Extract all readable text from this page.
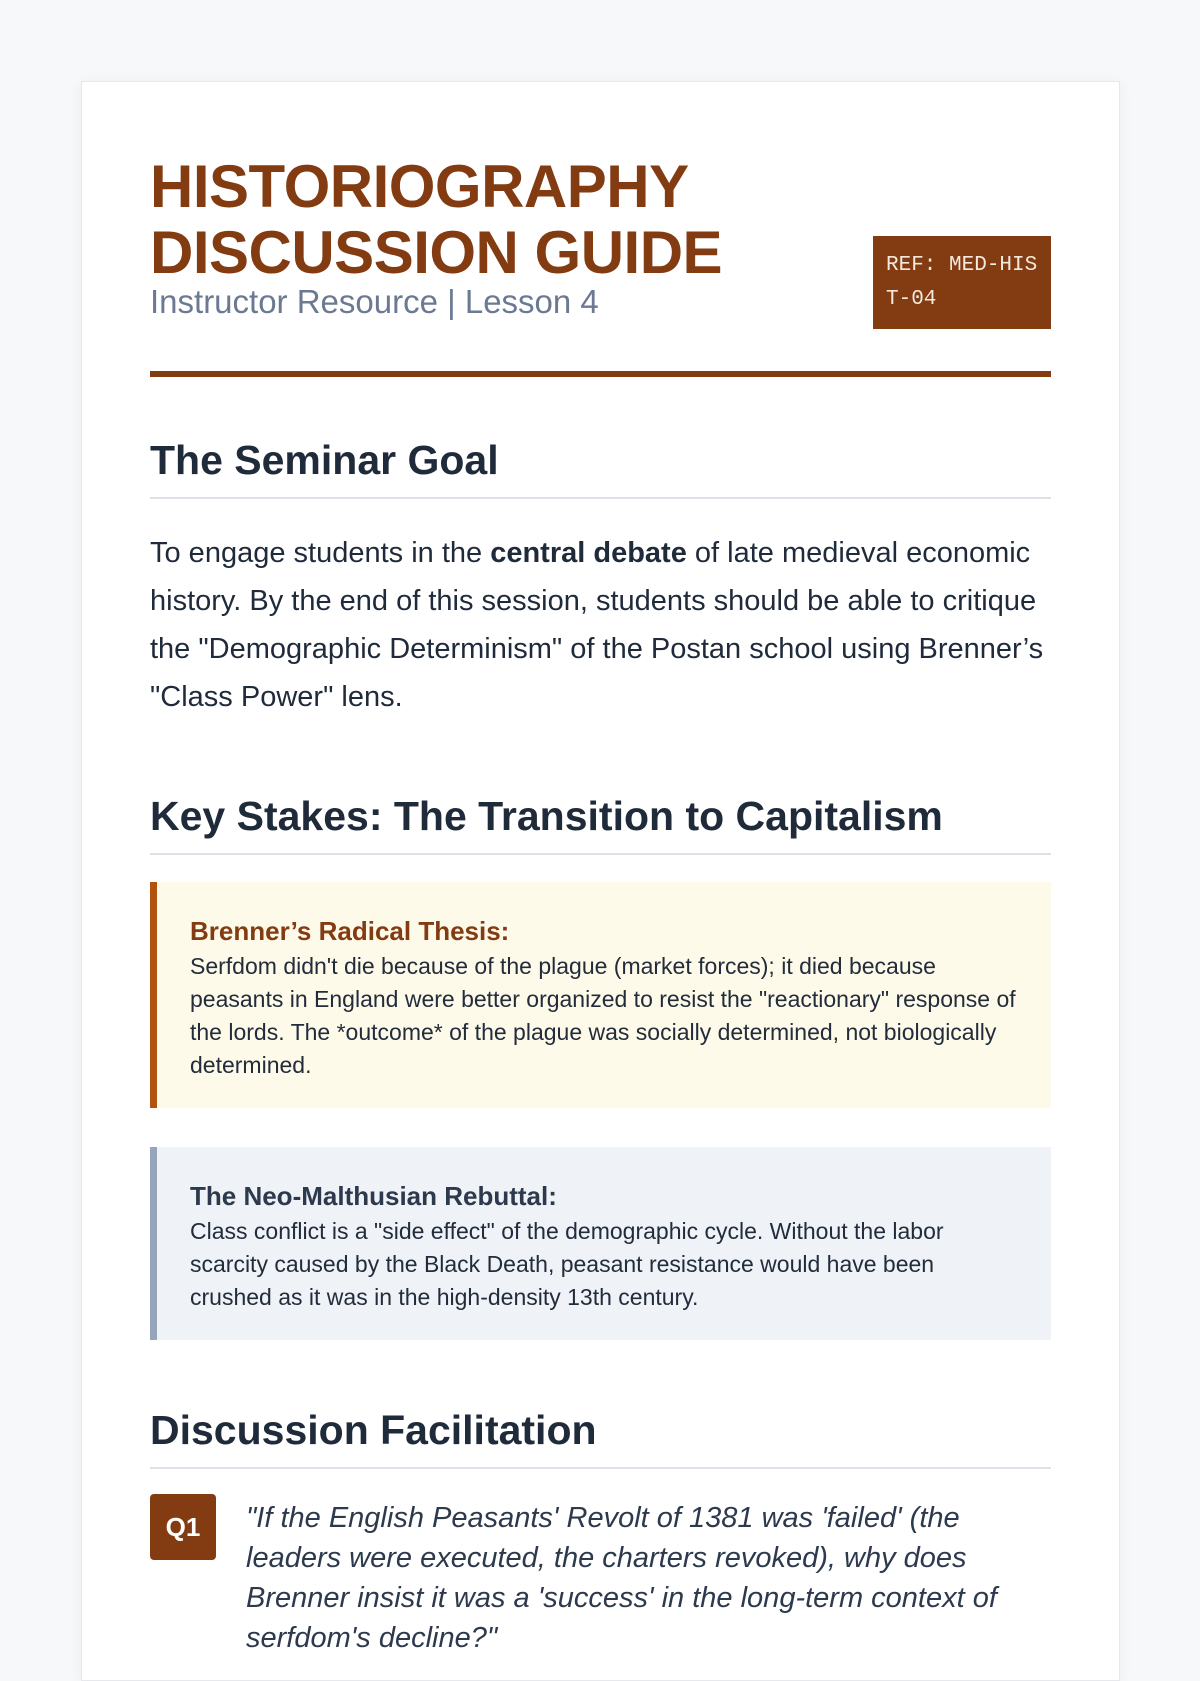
HISTORIOGRAPHY
DISCUSSION GUIDE
Instructor Resource | Lesson 4
REF: MED-HIST-04
The Seminar Goal

To engage students in the central debate of late medieval economic history. By the end of this session, students should be able to critique the "Demographic Determinism" of the Postan school using Brenner’s "Class Power" lens.

Key Stakes: The Transition to Capitalism
Brenner’s Radical Thesis:
Serfdom didn't die because of the plague (market forces); it died because peasants in England were better organized to resist the "reactionary" response of the lords. The *outcome* of the plague was socially determined, not biologically determined.
The Neo-Malthusian Rebuttal:
Class conflict is a "side effect" of the demographic cycle. Without the labor scarcity caused by the Black Death, peasant resistance would have been crushed as it was in the high-density 13th century.
Discussion Facilitation
Q1	"If the English Peasants' Revolt of 1381 was 'failed' (the leaders were executed, the charters revoked), why does Brenner insist it was a 'success' in the long-term context of serfdom's decline?"
